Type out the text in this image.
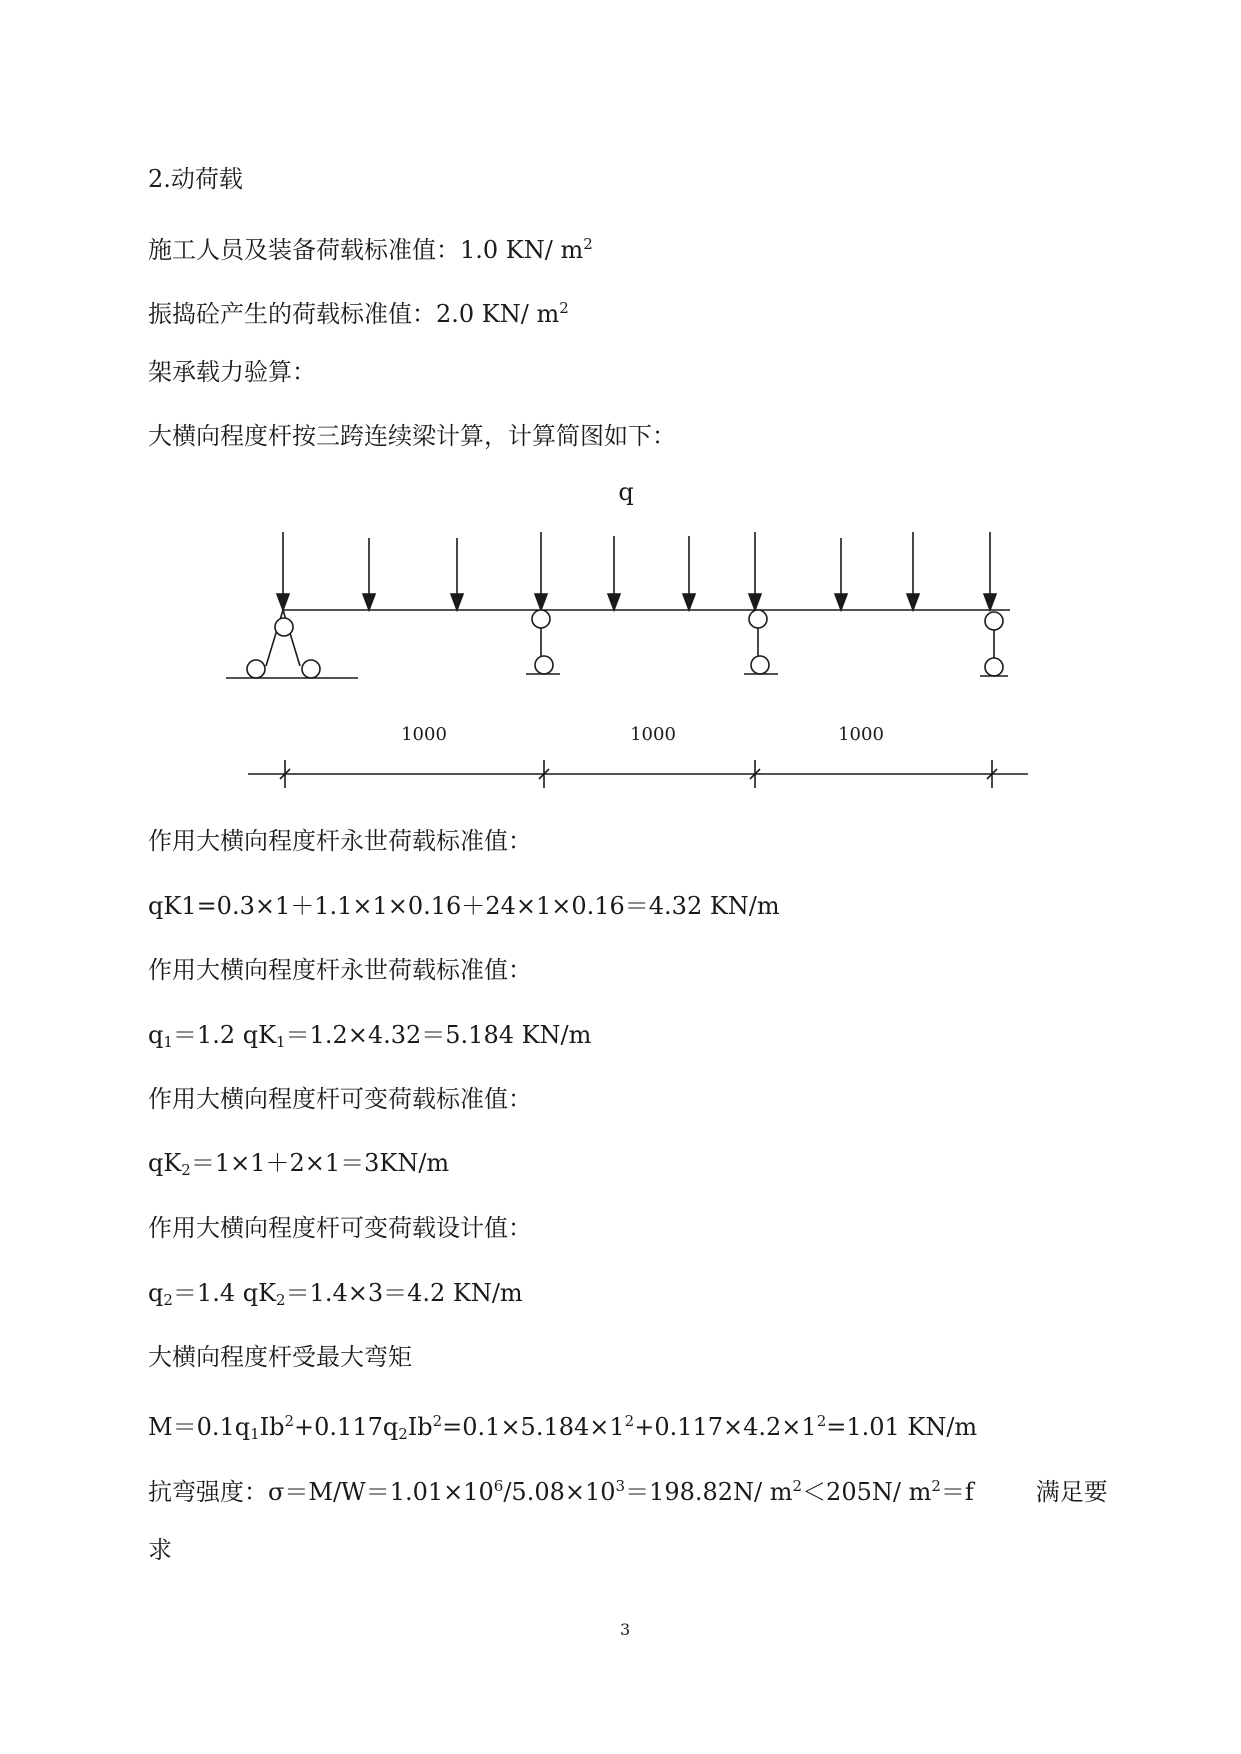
2.动荷载
施工人员及装备荷载标准值：1.0 KN/ $m^2$
振捣砼产生的荷载标准值：2.0 KN/ $m^2$
架承载力验算：
大横向程度杆按三跨连续梁计算，计算简图如下：
q
1000	1000	1000
作用大横向程度杆永世荷载标准值：
qK1=0.3×1＋1.1×1×0.16＋24×1×0.16＝4.32 KN/m
作用大横向程度杆永世荷载标准值：
$q_1=1.2$ $qK_1=1.2\times 4.32=5.184$ KN/m
作用大横向程度杆可变荷载标准值：
$qK_2=1\times 1+2\times 1=3KN/m$
作用大横向程度杆可变荷载设计值：
$q_2=1.4$ $qK_2=1.4\times 3=4.2$ KN/m
大横向程度杆受最大弯矩
$M=0.1q_1Ib^2+0.117q_2Ib^2=0.1\times 5.184\times 1^2+0.117\times 4.2\times 1^2=1.01$ KN/m
抗弯强度：$\sigma=M/W=1.01\times 10^6/5.08\times 10^3=198.82N/$ $m^2<205N/$ $m^2=f$	满足要
求
3
